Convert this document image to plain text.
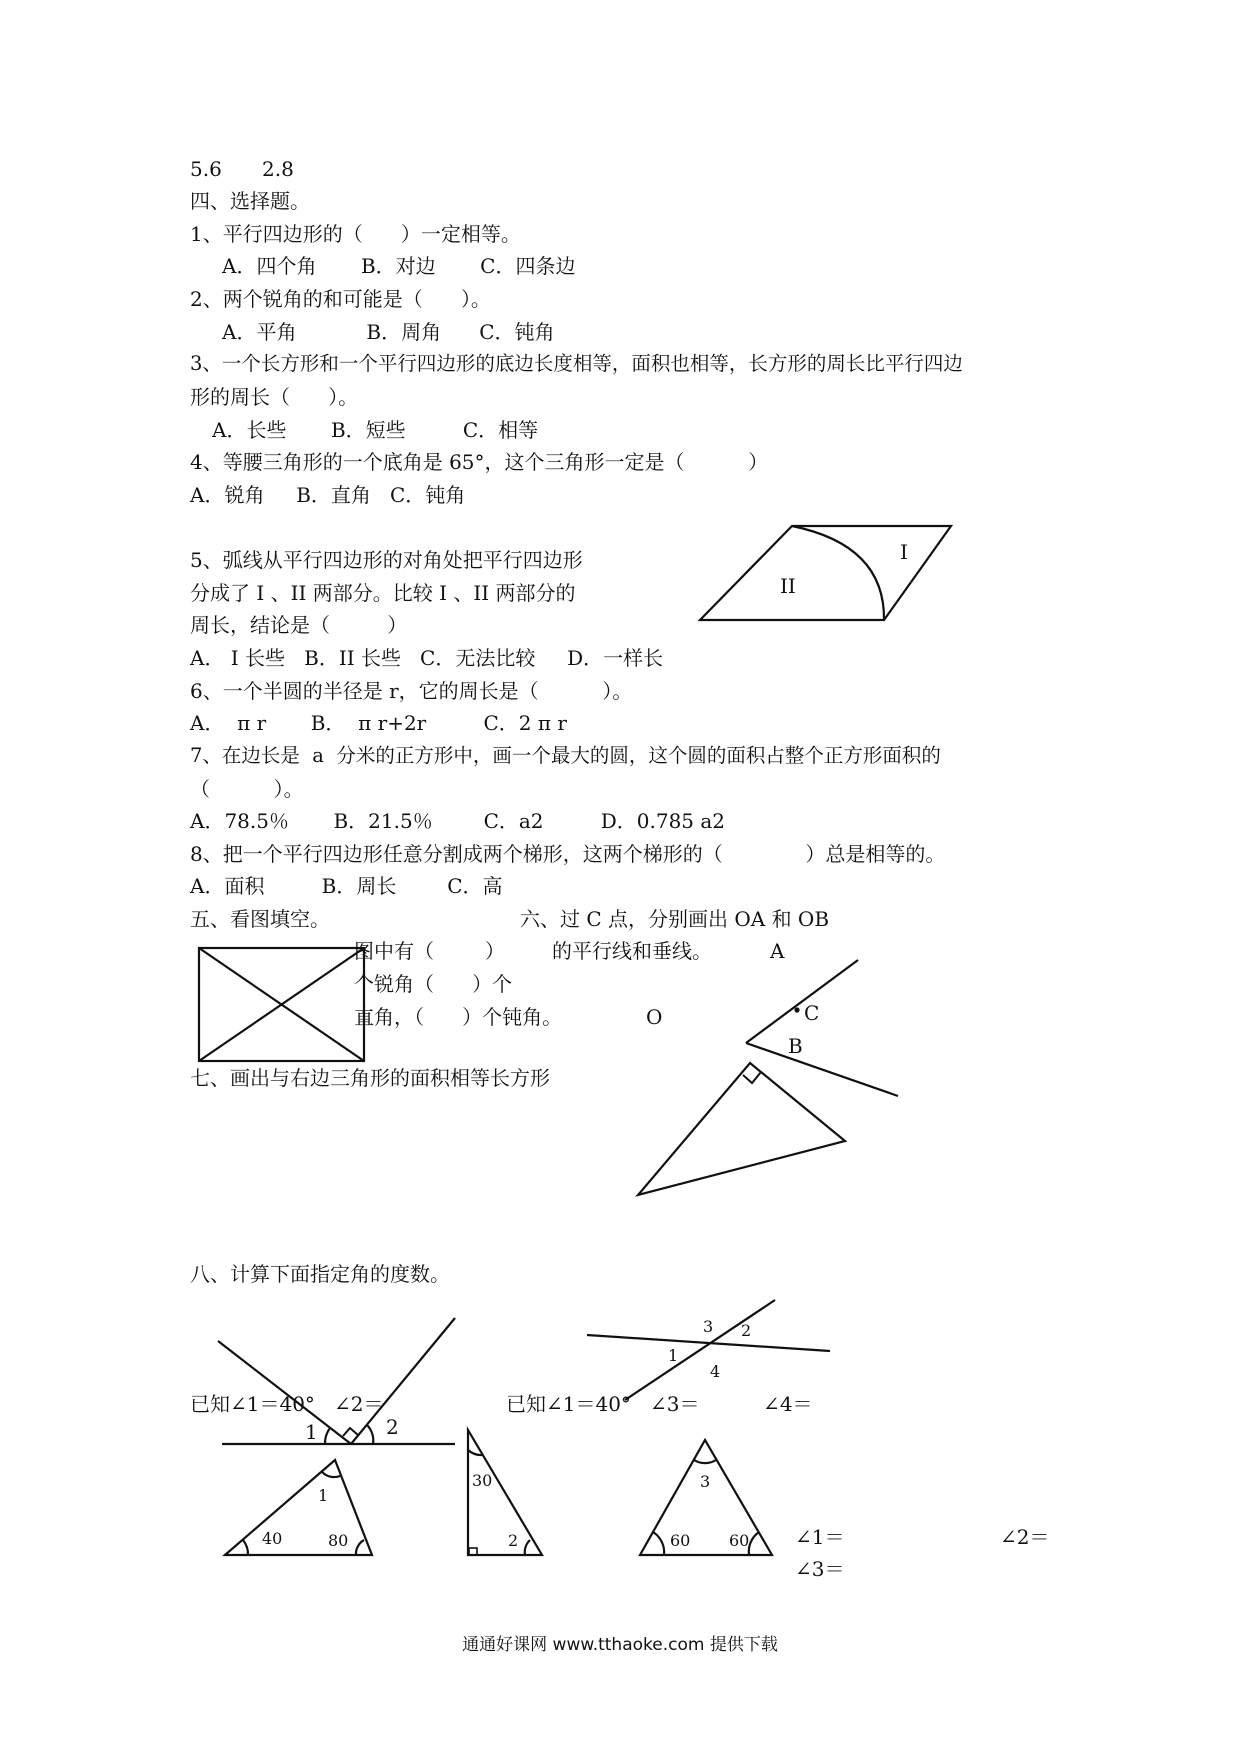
5.6 2.8
四、选择题。
1、平行四边形的（      ）一定相等。
A．四个角       B．对边       C．四条边
2、两个锐角的和可能是（      ）。
A．平角           B．周角      C．钝角
3、一个长方形和一个平行四边形的底边长度相等，面积也相等，长方形的周长比平行四边
形的周长（      ）。
A．长些       B．短些         C．相等
4、等腰三角形的一个底角是 65°，这个三角形一定是（          ）
A．锐角     B．直角   C．钝角
5、弧线从平行四边形的对角处把平行四边形
分成了 I 、II 两部分。比较 I 、II 两部分的
周长，结论是（         ）
A． I 长些   B．II 长些   C．无法比较     D．一样长
I
II
6、一个半圆的半径是 r，它的周长是（          ）。
A．  π r       B．  π r+2r         C．2 π r
7、在边长是  a  分米的正方形中，画一个最大的圆，这个圆的面积占整个正方形面积的
（          ）。
A．78.5％       B．21.5％        C．a2         D．0.785 a2
8、把一个平行四边形任意分割成两个梯形，这两个梯形的（             ）总是相等的。
A．面积         B．周长        C．高
五、看图填空。
图中有（        ）
个锐角（      ）个
直角，（      ）个钝角。
六、过 C 点，分别画出 OA 和 OB
的平行线和垂线。	A
O	C
B
七、画出与右边三角形的面积相等长方形
八、计算下面指定角的度数。
已知∠1＝40°   ∠2＝	已知∠1＝40°   ∠3＝          ∠4＝
1	2
1
2
3
4
40	80
1
30
2
3
60 60 ∠1＝	∠2＝
∠3＝
通通好课网 www.tthaoke.com 提供下载
